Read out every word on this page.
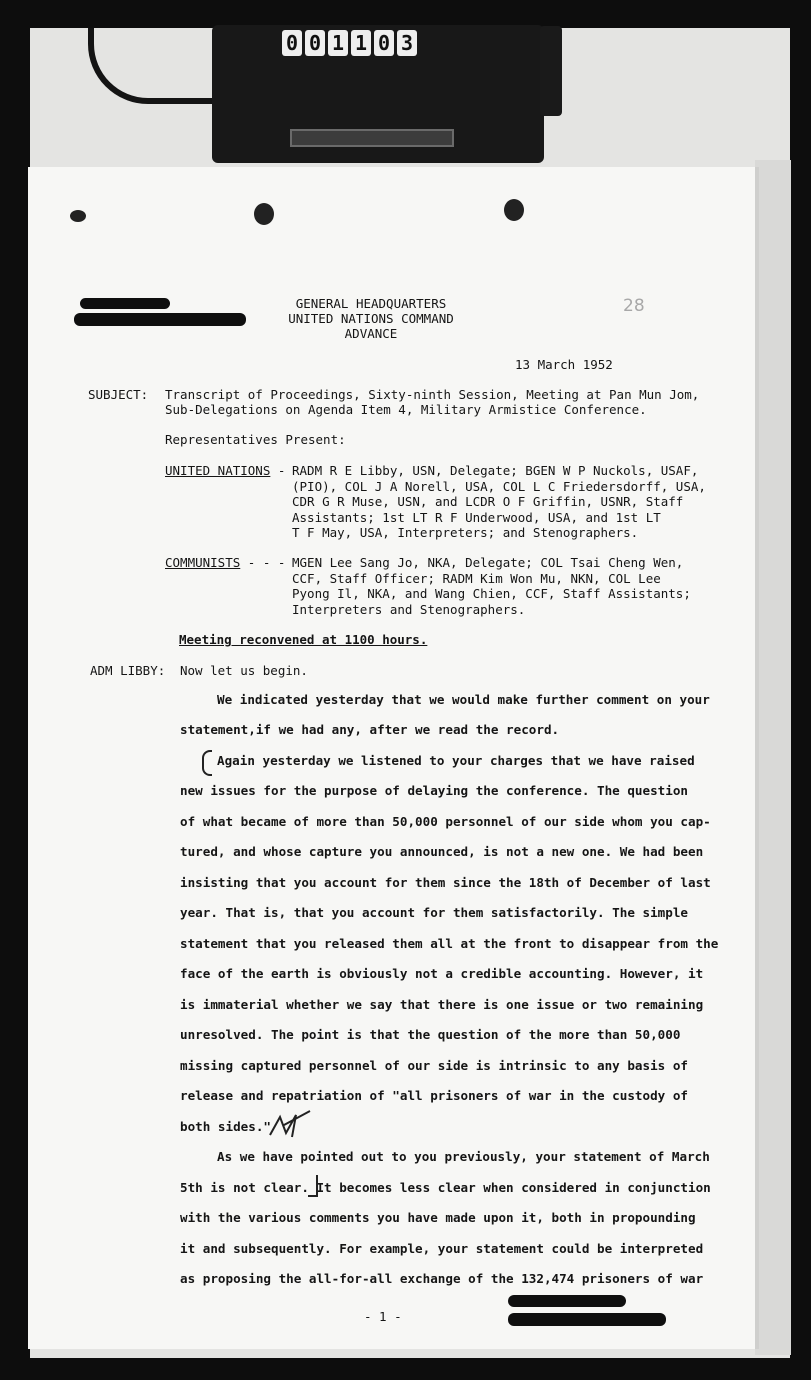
0 0 1 1 0 3
GENERAL HEADQUARTERS
UNITED NATIONS COMMAND
ADVANCE
28
13 March 1952
SUBJECT: Transcript of Proceedings, Sixty-ninth Session, Meeting at Pan Mun Jom,
Sub-Delegations on Agenda Item 4, Military Armistice Conference.
Representatives Present:
UNITED NATIONS - RADM R E Libby, USN, Delegate; BGEN W P Nuckols, USAF,
(PIO), COL J A Norell, USA, COL L C Friedersdorff, USA,
CDR G R Muse, USN, and LCDR O F Griffin, USNR, Staff
Assistants; 1st LT R F Underwood, USA, and 1st LT
T F May, USA, Interpreters; and Stenographers.
COMMUNISTS - - - MGEN Lee Sang Jo, NKA, Delegate; COL Tsai Cheng Wen,
CCF, Staff Officer; RADM Kim Won Mu, NKN, COL Lee
Pyong Il, NKA, and Wang Chien, CCF, Staff Assistants;
Interpreters and Stenographers.
Meeting reconvened at 1100 hours.
ADM LIBBY: Now let us begin.
We indicated yesterday that we would make further comment on your
statement,if we had any, after we read the record.
Again yesterday we listened to your charges that we have raised
new issues for the purpose of delaying the conference. The question
of what became of more than 50,000 personnel of our side whom you cap-
tured, and whose capture you announced, is not a new one. We had been
insisting that you account for them since the 18th of December of last
year. That is, that you account for them satisfactorily. The simple
statement that you released them all at the front to disappear from the
face of the earth is obviously not a credible accounting. However, it
is immaterial whether we say that there is one issue or two remaining
unresolved. The point is that the question of the more than 50,000
missing captured personnel of our side is intrinsic to any basis of
release and repatriation of "all prisoners of war in the custody of
both sides."
As we have pointed out to you previously, your statement of March
5th is not clear. It becomes less clear when considered in conjunction
with the various comments you have made upon it, both in propounding
it and subsequently. For example, your statement could be interpreted
as proposing the all-for-all exchange of the 132,474 prisoners of war
- 1 -
